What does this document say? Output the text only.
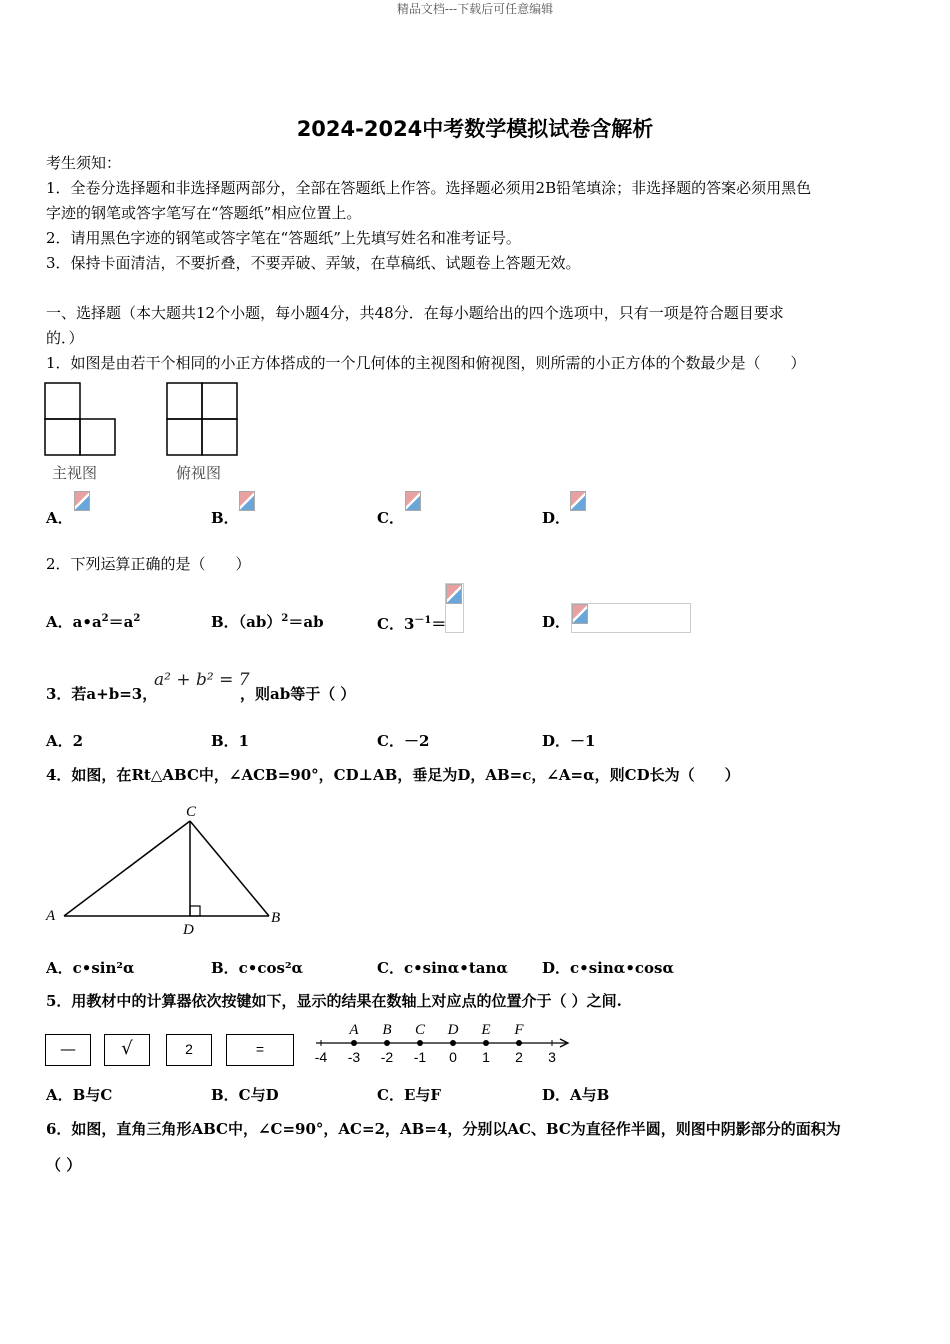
精品文档---下载后可任意编辑
2024-2024中考数学模拟试卷含解析
考生须知：
1．全卷分选择题和非选择题两部分，全部在答题纸上作答。选择题必须用2B铅笔填涂；非选择题的答案必须用黑色
字迹的钢笔或答字笔写在“答题纸”相应位置上。
2．请用黑色字迹的钢笔或答字笔在“答题纸”上先填写姓名和准考证号。
3．保持卡面清洁，不要折叠，不要弄破、弄皱，在草稿纸、试题卷上答题无效。
一、选择题（本大题共12个小题，每小题4分，共48分．在每小题给出的四个选项中，只有一项是符合题目要求
的．）
1．如图是由若干个相同的小正方体搭成的一个几何体的主视图和俯视图，则所需的小正方体的个数最少是（　　）
主视图	俯视图
A．	B．	C．	D．
2．下列运算正确的是（　　）
A．$a•a^2=a^2$	B．（ab）$^2$＝ab	C．$3^{-1}=$	D．
3．若a+b=3，
a² + b² = 7
，则ab等于（ ）
A．2	B．1	C．－2	D．－1
4．如图，在Rt△ABC中，∠ACB=90°，CD⊥AB，垂足为D，AB=c，∠A=α，则CD长为（　　）
A	B
C
D
A．c•sin²α	B．c•cos²α	C．c•sinα•tanα D．c•sinα•cosα
5．用教材中的计算器依次按键如下，显示的结果在数轴上对应点的位置介于（ ）之间.
—	√	2	=	-4 -3 -2 -1 0 1 2 3
A B C D E F
A．B与C	B．C与D	C．E与F	D．A与B
6．如图，直角三角形ABC中，∠C=90°，AC=2，AB=4，分别以AC、BC为直径作半圆，则图中阴影部分的面积为
（ ）
